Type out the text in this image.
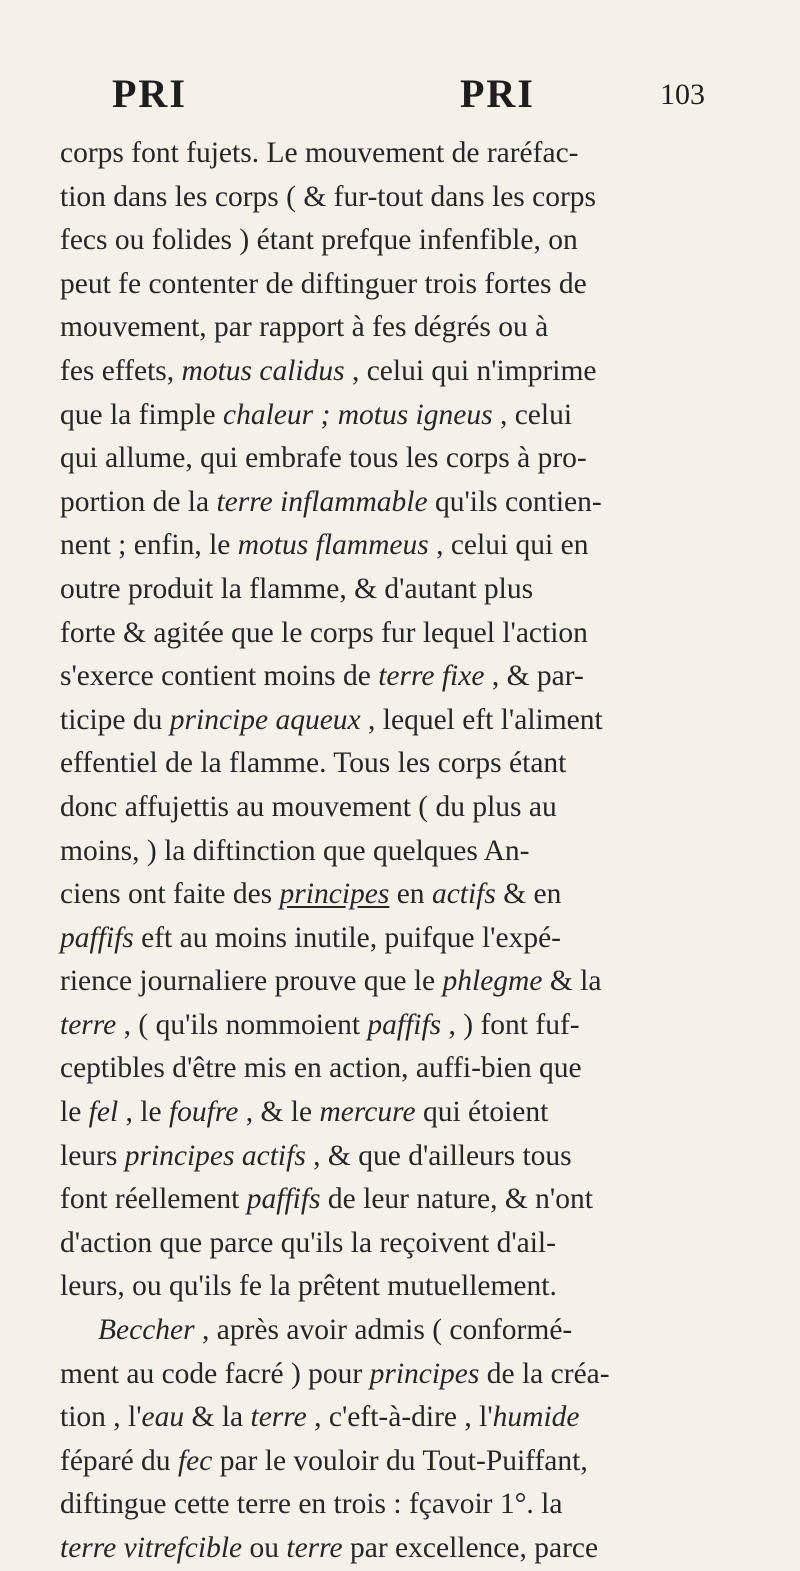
PRI	PRI	103
corps font fujets. Le mouvement de raréfac-
tion dans les corps ( & fur-tout dans les corps
fecs ou folides ) étant prefque infenfible, on
peut fe contenter de diftinguer trois fortes de
mouvement, par rapport à fes dégrés ou à
fes effets, motus calidus , celui qui n'imprime
que la fimple chaleur ; motus igneus , celui
qui allume, qui embrafe tous les corps à pro-
portion de la terre inflammable qu'ils contien-
nent ; enfin, le motus flammeus , celui qui en
outre produit la flamme, & d'autant plus
forte & agitée que le corps fur lequel l'action
s'exerce contient moins de terre fixe , & par-
ticipe du principe aqueux , lequel eft l'aliment
effentiel de la flamme. Tous les corps étant
donc affujettis au mouvement ( du plus au
moins, ) la diftinction que quelques An-
ciens ont faite des principes en actifs & en
paffifs eft au moins inutile, puifque l'expé-
rience journaliere prouve que le phlegme & la
terre , ( qu'ils nommoient paffifs , ) font fuf-
ceptibles d'être mis en action, auffi-bien que
le fel , le foufre , & le mercure qui étoient
leurs principes actifs , & que d'ailleurs tous
font réellement paffifs de leur nature, & n'ont
d'action que parce qu'ils la reçoivent d'ail-
leurs, ou qu'ils fe la prêtent mutuellement.
Beccher , après avoir admis ( conformé-
ment au code facré ) pour principes de la créa-
tion , l'eau & la terre , c'eft-à-dire , l'humide
féparé du fec par le vouloir du Tout-Puiffant,
diftingue cette terre en trois : fçavoir 1°. la
terre vitrefcible ou terre par excellence, parce
